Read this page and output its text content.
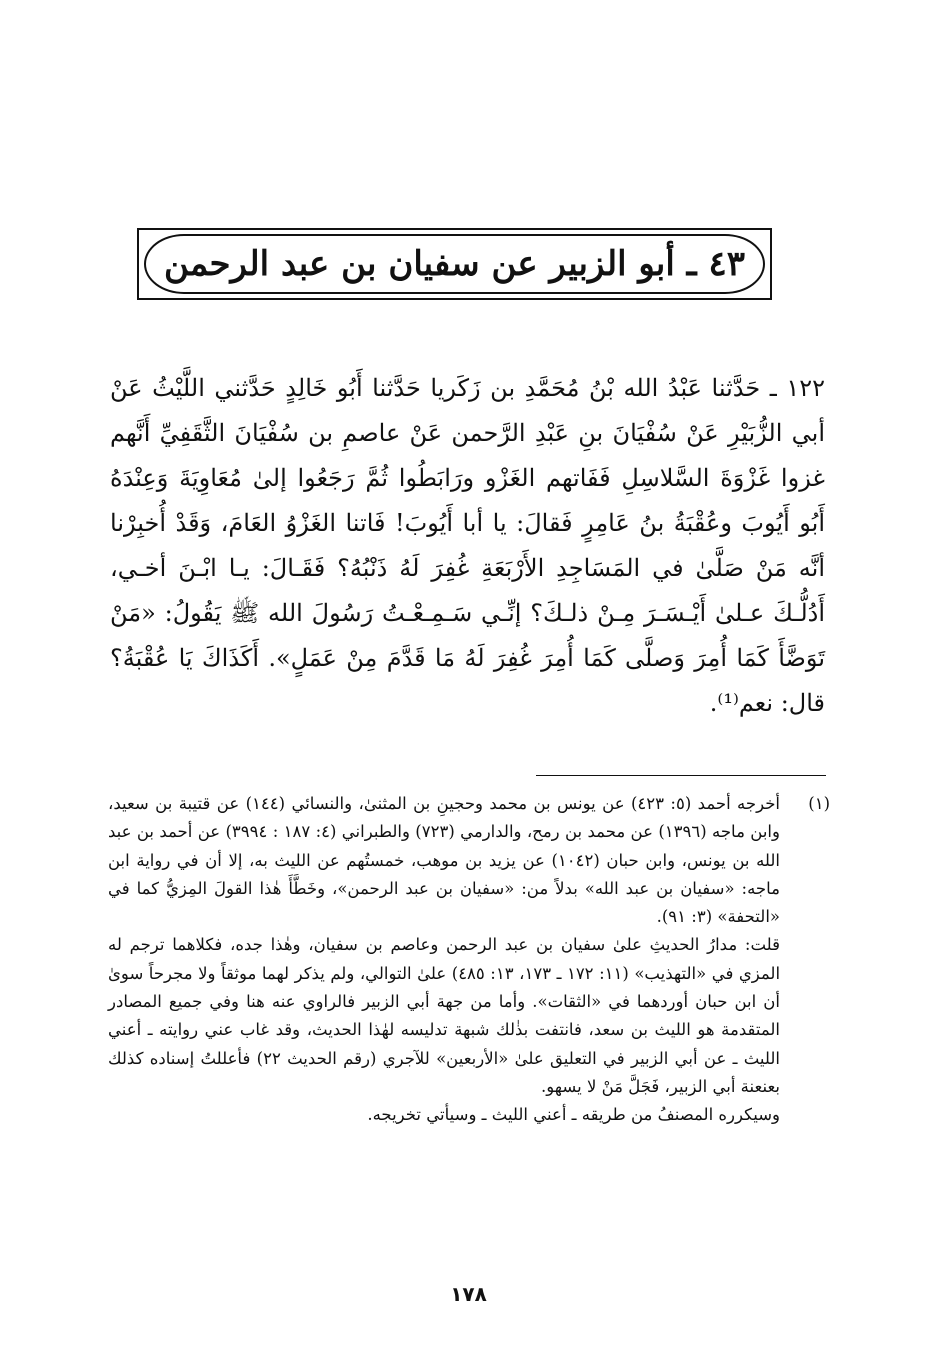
٤٣ ـ أبو الزبير عن سفيان بن عبد الرحمن

١٢٢ ـ حَدَّثنا عَبْدُ الله بْنُ مُحَمَّدِ بن زَكَريا حَدَّثنا أَبُو خَالِدٍ حَدَّثني اللَّيْثُ عَنْ أبي الزُّبَيْرِ عَنْ سُفْيَانَ بنِ عَبْدِ الرَّحمن عَنْ عاصمِ بن سُفْيَانَ الثَّقَفِيِّ أَنَّهم غزوا غَزْوَةَ السَّلاسِلِ فَفَاتهم الغَزْو ورَابَطُوا ثُمَّ رَجَعُوا إلىٰ مُعَاوِيَةَ وَعِنْدَهُ أَبُو أَيُوبَ وعُقْبَةُ بنُ عَامِرٍ فَقالَ: يا أبا أَيُوبَ! فَاتنا الغَزْوُ العَامَ، وَقَدْ أُخبِرْنا أنَّه مَنْ صَلَّىٰ في المَسَاجِدِ الأَرْبَعَةِ غُفِرَ لَهُ ذَنْبُهُ؟ فَقَـالَ: يـا ابْـنَ أخـي، أَدُلُّـكَ عـلىٰ أَيْـسَـرَ مِـنْ ذلـكَ؟ إنِّـي سَـمِـعْـتُ رَسُولَ الله ﷺ يَقُولُ: «مَنْ تَوَضَّأَ كَمَا أُمِرَ وَصلَّى كَمَا أُمِرَ غُفِرَ لَهُ مَا قَدَّمَ مِنْ عَمَلٍ». أَكَذَاكَ يَا عُقْبَةُ؟ قال: نعم⁽¹⁾.

(١)

أخرجه أحمد (٥: ٤٢٣) عن يونس بن محمد وحجينِ بن المثنىٰ، والنسائي (١٤٤) عن قتيبة بن سعيد، وابن ماجه (١٣٩٦) عن محمد بن رمح، والدارمي (٧٢٣) والطبراني (٤: ١٨٧ : ٣٩٩٤) عن أحمد بن عبد الله بن يونس، وابن حبان (١٠٤٢) عن يزيد بن موهب، خمستُهم عن الليث به، إلا أن في رواية ابن ماجه: «سفيان بن عبد الله» بدلاً من: «سفيان بن عبد الرحمن»، وخَطَّأَ هٰذا القولَ المِزيُّ كما في «التحفة» (٣: ٩١).

قلت: مدارُ الحديثِ علىٰ سفيان بن عبد الرحمن وعاصم بن سفيان، وهٰذا جده، فكلاهما ترجم له المزي في «التهذيب» (١١: ١٧٢ ـ ١٧٣، ١٣: ٤٨٥) علىٰ التوالي، ولم يذكر لهما موثقاً ولا مجرحاً سوىٰ أن ابن حبان أوردهما في «الثقات». وأما من جهة أبي الزبير فالراوي عنه هنا وفي جميع المصادر المتقدمة هو الليث بن سعد، فانتفت بذٰلك شبهة تدليسه لهٰذا الحديث، وقد غاب عني روايته ـ أعني الليث ـ عن أبي الزبير في التعليق علىٰ «الأربعين» للآجري (رقم الحديث ٢٢) فأعللتُ إسناده كذلك بعنعنة أبي الزبير، فَجَلَّ مَنْ لا يسهو.

وسيكرره المصنفُ من طريقه ـ أعني الليث ـ وسيأتي تخريجه.

١٧٨
